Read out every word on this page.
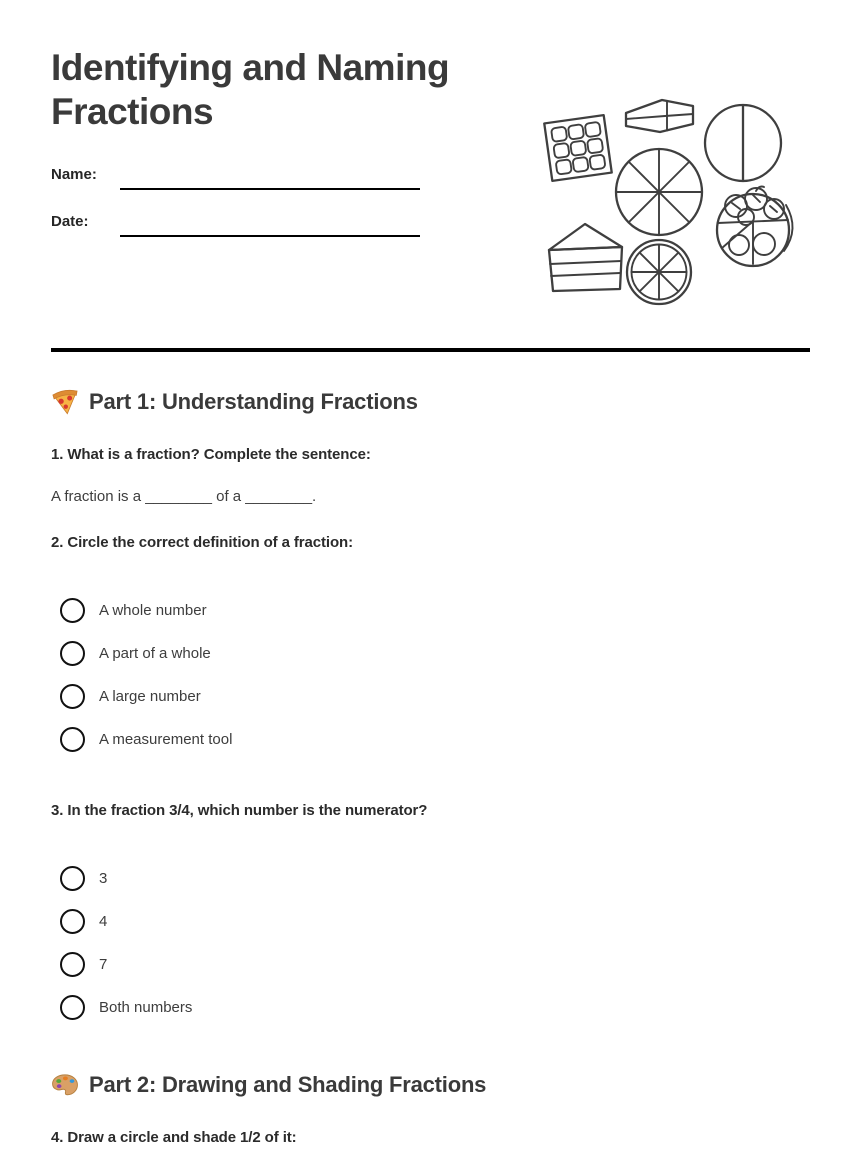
Identifying and Naming Fractions
Name:
Date:
Part 1: Understanding Fractions
1. What is a fraction? Complete the sentence:
A fraction is a ________ of a ________.
2. Circle the correct definition of a fraction:
A whole number
A part of a whole
A large number
A measurement tool
3. In the fraction 3/4, which number is the numerator?
3
4
7
Both numbers
Part 2: Drawing and Shading Fractions
4. Draw a circle and shade 1/2 of it:
